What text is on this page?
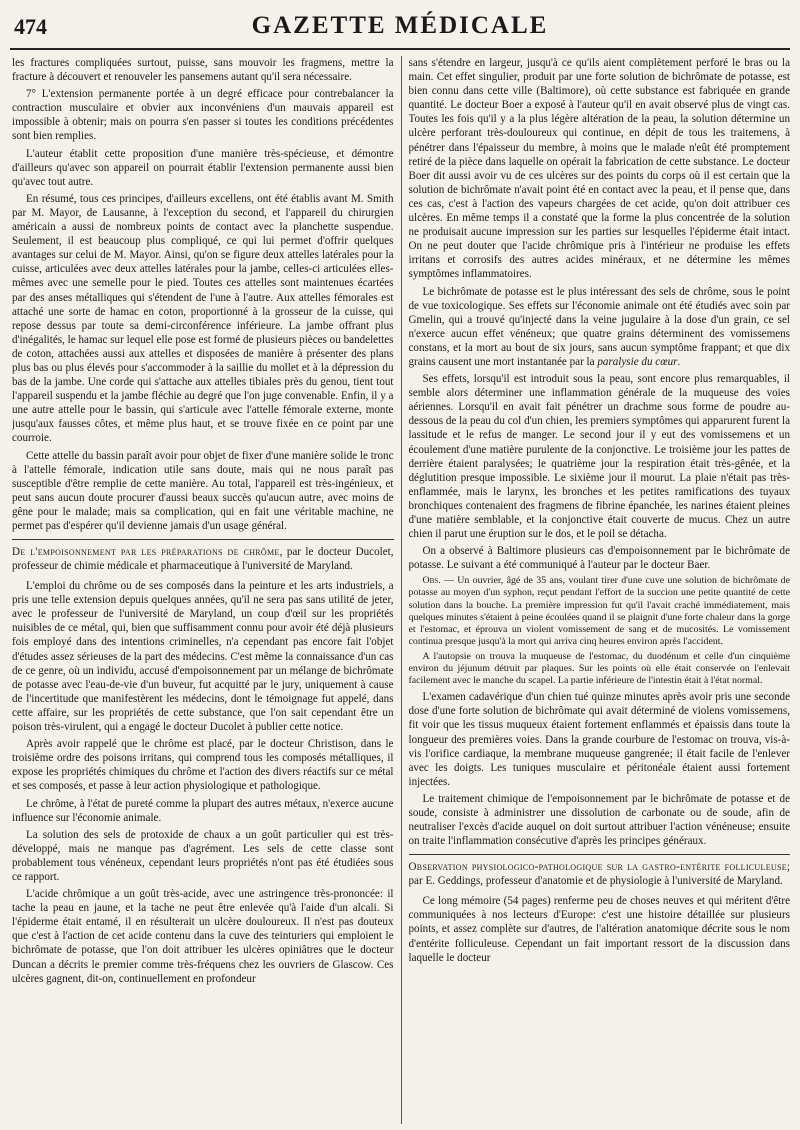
474	GAZETTE MÉDICALE

les fractures compliquées surtout, puisse, sans mouvoir les fragmens, mettre la fracture à découvert et renouveler les pansemens autant qu'il sera nécessaire.

7° L'extension permanente portée à un degré efficace pour contrebalancer la contraction musculaire et obvier aux inconvéniens d'un mauvais appareil est impossible à obtenir; mais on pourra s'en passer si toutes les conditions précédentes sont bien remplies.

L'auteur établit cette proposition d'une manière très-spécieuse, et démontre d'ailleurs qu'avec son appareil on pourrait établir l'extension permanente aussi bien qu'avec tout autre.

En résumé, tous ces principes, d'ailleurs excellens, ont été établis avant M. Smith par M. Mayor, de Lausanne, à l'exception du second, et l'appareil du chirurgien américain a aussi de nombreux points de contact avec la planchette suspendue. Seulement, il est beaucoup plus compliqué, ce qui lui permet d'offrir quelques avantages sur celui de M. Mayor. Ainsi, qu'on se figure deux attelles latérales pour la cuisse, articulées avec deux attelles latérales pour la jambe, celles-ci articulées elles-mêmes avec une semelle pour le pied. Toutes ces attelles sont maintenues écartées par des anses métalliques qui s'étendent de l'une à l'autre. Aux attelles fémorales est attaché une sorte de hamac en coton, proportionné à la grosseur de la cuisse, qui repose dessus par toute sa demi-circonférence inférieure. La jambe offrant plus d'inégalités, le hamac sur lequel elle pose est formé de plusieurs pièces ou bandelettes de coton, attachées aussi aux attelles et disposées de manière à présenter des plans plus bas ou plus élevés pour s'accommoder à la saillie du mollet et à la dépression du bas de la jambe. Une corde qui s'attache aux attelles tibiales près du genou, tient tout l'appareil suspendu et la jambe fléchie au degré que l'on juge convenable. Enfin, il y a une autre attelle pour le bassin, qui s'articule avec l'attelle fémorale externe, monte jusqu'aux fausses côtes, et même plus haut, et se trouve fixée en ce point par une courroie.

Cette attelle du bassin paraît avoir pour objet de fixer d'une manière solide le tronc à l'attelle fémorale, indication utile sans doute, mais qui ne nous paraît pas susceptible d'être remplie de cette manière. Au total, l'appareil est très-ingénieux, et peut sans aucun doute procurer d'aussi beaux succès qu'aucun autre, avec moins de gêne pour le malade; mais sa complication, qui en fait une véritable machine, ne permet pas d'espérer qu'il devienne jamais d'un usage général.

De l'empoisonnement par les préparations de chrôme, par le docteur Ducolet, professeur de chimie médicale et pharmaceutique à l'université de Maryland.

L'emploi du chrôme ou de ses composés dans la peinture et les arts industriels, a pris une telle extension depuis quelques années, qu'il ne sera pas sans utilité de jeter, avec le professeur de l'université de Maryland, un coup d'œil sur les propriétés nuisibles de ce métal, qui, bien que suffisamment connu pour avoir été déjà plusieurs fois employé dans des intentions criminelles, n'a cependant pas encore fait l'objet d'études assez sérieuses de la part des médecins. C'est même la connaissance d'un cas de ce genre, où un individu, accusé d'empoisonnement par un mélange de bichrômate de potasse avec l'eau-de-vie d'un buveur, fut acquitté par le jury, uniquement à cause de l'incertitude que manifestèrent les médecins, dont le témoignage fut appelé, dans cette affaire, sur les propriétés de cette substance, que l'on sait cependant être un poison très-virulent, qui a engagé le docteur Ducolet à publier cette notice.

Après avoir rappelé que le chrôme est placé, par le docteur Christison, dans le troisième ordre des poisons irritans, qui comprend tous les composés métalliques, il expose les propriétés chimiques du chrôme et l'action des divers réactifs sur ce métal et ses composés, et passe à leur action physiologique et pathologique.

Le chrôme, à l'état de pureté comme la plupart des autres métaux, n'exerce aucune influence sur l'économie animale.

La solution des sels de protoxide de chaux a un goût particulier qui est très-développé, mais ne manque pas d'agrément. Les sels de cette classe sont probablement tous vénéneux, cependant leurs propriétés n'ont pas été étudiées sous ce rapport.

L'acide chrômique a un goût très-acide, avec une astringence très-prononcée: il tache la peau en jaune, et la tache ne peut être enlevée qu'à l'aide d'un alcali. Si l'épiderme était entamé, il en résulterait un ulcère douloureux. Il n'est pas douteux que c'est à l'action de cet acide contenu dans la cuve des teinturiers qui emploient le bichrômate de potasse, que l'on doit attribuer les ulcères opiniâtres que le docteur Duncan a décrits le premier comme très-fréquens chez les ouvriers de Glascow. Ces ulcères gagnent, dit-on, continuellement en profondeur

sans s'étendre en largeur, jusqu'à ce qu'ils aient complètement perforé le bras ou la main. Cet effet singulier, produit par une forte solution de bichrômate de potasse, est bien connu dans cette ville (Baltimore), où cette substance est fabriquée en grande quantité. Le docteur Boer a exposé à l'auteur qu'il en avait observé plus de vingt cas. Toutes les fois qu'il y a la plus légère altération de la peau, la solution détermine un ulcère perforant très-douloureux qui continue, en dépit de tous les traitemens, à pénétrer dans l'épaisseur du membre, à moins que le malade n'eût été promptement retiré de la pièce dans laquelle on opérait la fabrication de cette substance. Le docteur Boer dit aussi avoir vu de ces ulcères sur des points du corps où il est certain que la solution de bichrômate n'avait point été en contact avec la peau, et il pense que, dans ces cas, c'est à l'action des vapeurs chargées de cet acide, qu'on doit attribuer ces ulcères. En même temps il a constaté que la forme la plus concentrée de la solution ne produisait aucune impression sur les parties sur lesquelles l'épiderme était intact. On ne peut douter que l'acide chrômique pris à l'intérieur ne produise les effets irritans et corrosifs des autres acides minéraux, et ne détermine les mêmes symptômes inflammatoires.

Le bichrômate de potasse est le plus intéressant des sels de chrôme, sous le point de vue toxicologique. Ses effets sur l'économie animale ont été étudiés avec soin par Gmelin, qui a trouvé qu'injecté dans la veine jugulaire à la dose d'un grain, ce sel n'exerce aucun effet vénéneux; que quatre grains déterminent des vomissemens constans, et la mort au bout de six jours, sans aucun symptôme frappant; et que dix grains causent une mort instantanée par la paralysie du cœur.

Ses effets, lorsqu'il est introduit sous la peau, sont encore plus remarquables, il semble alors déterminer une inflammation générale de la muqueuse des voies aériennes. Lorsqu'il en avait fait pénétrer un drachme sous forme de poudre au-dessous de la peau du col d'un chien, les premiers symptômes qui apparurent furent la lassitude et le refus de manger. Le second jour il y eut des vomissemens et un écoulement d'une matière purulente de la conjonctive. Le troisième jour les pattes de derrière étaient paralysées; le quatrième jour la respiration était très-gênée, et la déglutition presque impossible. Le sixième jour il mourut. La plaie n'était pas très-enflammée, mais le larynx, les bronches et les petites ramifications des tuyaux bronchiques contenaient des fragmens de fibrine épanchée, les narines étaient pleines d'une matière semblable, et la conjonctive était couverte de mucus. Chez un autre chien il parut une éruption sur le dos, et le poil se détacha.

On a observé à Baltimore plusieurs cas d'empoisonnement par le bichrômate de potasse. Le suivant a été communiqué à l'auteur par le docteur Baer.

Obs. — Un ouvrier, âgé de 35 ans, voulant tirer d'une cuve une solution de bichrômate de potasse au moyen d'un syphon, reçut pendant l'effort de la succion une petite quantité de cette solution dans la bouche. La première impression fut qu'il l'avait craché immédiatement, mais quelques minutes s'étaient à peine écoulées quand il se plaignit d'une forte chaleur dans la gorge et l'estomac, et éprouva un violent vomissement de sang et de mucosités. Le vomissement continua presque jusqu'à la mort qui arriva cinq heures environ après l'accident.

A l'autopsie on trouva la muqueuse de l'estomac, du duodénum et celle d'un cinquième environ du jéjunum détruit par plaques. Sur les points où elle était conservée on l'enlevait facilement avec le manche du scapel. La partie inférieure de l'intestin était à l'état normal.

L'examen cadavérique d'un chien tué quinze minutes après avoir pris une seconde dose d'une forte solution de bichrômate qui avait déterminé de violens vomissemens, fit voir que les tissus muqueux étaient fortement enflammés et épaissis dans toute la longueur des premières voies. Dans la grande courbure de l'estomac on trouva, vis-à-vis l'orifice cardiaque, la membrane muqueuse gangrenée; il était facile de l'enlever avec les doigts. Les tuniques musculaire et péritonéale étaient aussi fortement injectées.

Le traitement chimique de l'empoisonnement par le bichrômate de potasse et de soude, consiste à administrer une dissolution de carbonate ou de soude, afin de neutraliser l'excès d'acide auquel on doit surtout attribuer l'action vénéneuse; ensuite on traite l'inflammation consécutive d'après les principes généraux.

Observation physiologico-pathologique sur la gastro-entérite folliculeuse; par E. Geddings, professeur d'anatomie et de physiologie à l'université de Maryland.

Ce long mémoire (54 pages) renferme peu de choses neuves et qui méritent d'être communiquées à nos lecteurs d'Europe: c'est une histoire détaillée sur plusieurs points, et assez complète sur d'autres, de l'altération anatomique décrite sous le nom d'entérite folliculeuse. Cependant un fait important ressort de la discussion dans laquelle le docteur
